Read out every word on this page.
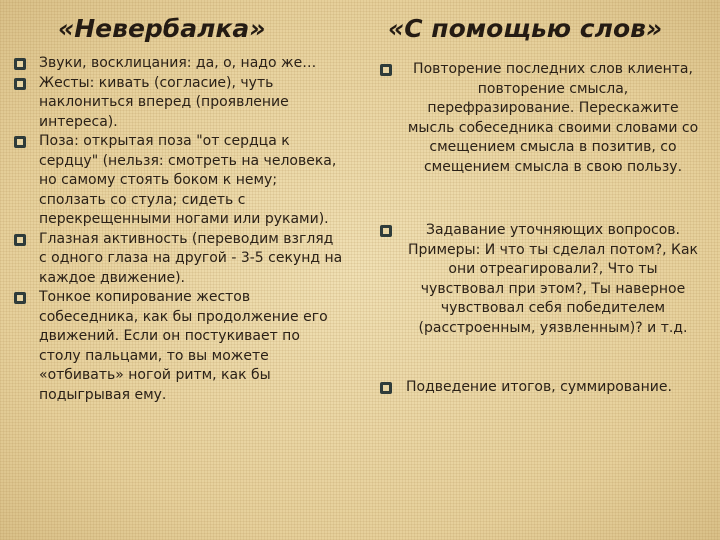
«Невербалка»	«С помощью слов»
Звуки, восклицания: да, о, надо же…
Жесты: кивать (согласие), чуть наклониться вперед (проявление интереса).
Поза: открытая поза "от сердца к сердцу" (нельзя: смотреть на человека, но самому стоять боком к нему; сползать со стула; сидеть с перекрещенными ногами или руками).
Глазная активность (переводим взгляд с одного глаза на другой - 3-5 секунд на каждое движение).
Тонкое копирование жестов собеседника, как бы продолжение его движений. Если он постукивает по столу пальцами, то вы можете «отбивать» ногой ритм, как бы подыгрывая ему.
Повторение последних слов клиента, повторение смысла, перефразирование. Перескажите мысль собеседника своими словами со смещением смысла в позитив, со смещением смысла в свою пользу.
Задавание уточняющих вопросов. Примеры: И что ты сделал потом?, Как они отреагировали?, Что ты чувствовал при этом?, Ты наверное чувствовал себя победителем (расстроенным, уязвленным)? и т.д.
Подведение итогов, суммирование.
